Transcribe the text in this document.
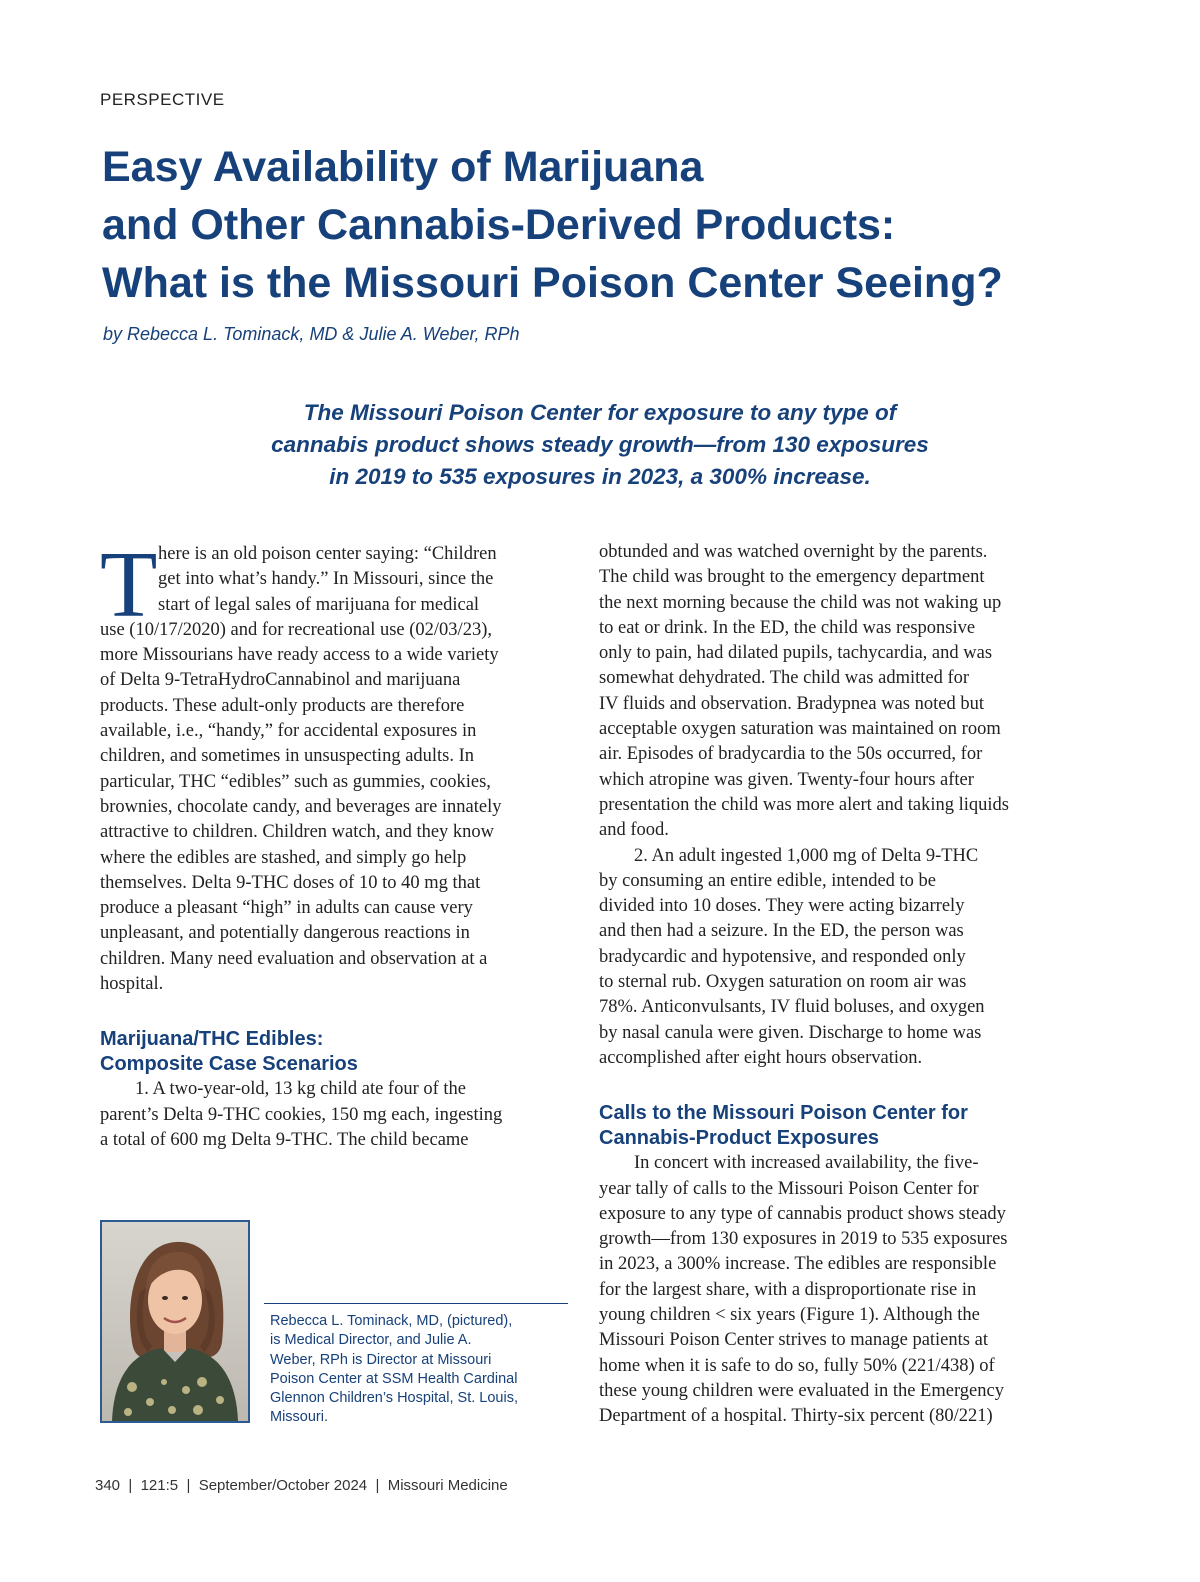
PERSPECTIVE
Easy Availability of Marijuana
and Other Cannabis-Derived Products:
What is the Missouri Poison Center Seeing?
by Rebecca L. Tominack, MD & Julie A. Weber, RPh
The Missouri Poison Center for exposure to any type of
cannabis product shows steady growth—from 130 exposures
in 2019 to 535 exposures in 2023, a 300% increase.
T here is an old poison center saying: “Children
get into what’s handy.” In Missouri, since the
start of legal sales of marijuana for medical
use (10/17/2020) and for recreational use (02/03/23),
more Missourians have ready access to a wide variety
of Delta 9-TetraHydroCannabinol and marijuana
products. These adult-only products are therefore
available, i.e., “handy,” for accidental exposures in
children, and sometimes in unsuspecting adults. In
particular, THC “edibles” such as gummies, cookies,
brownies, chocolate candy, and beverages are innately
attractive to children. Children watch, and they know
where the edibles are stashed, and simply go help
themselves. Delta 9-THC doses of 10 to 40 mg that
produce a pleasant “high” in adults can cause very
unpleasant, and potentially dangerous reactions in
children. Many need evaluation and observation at a
hospital.
Marijuana/THC Edibles:
Composite Case Scenarios
1. A two-year-old, 13 kg child ate four of the
parent’s Delta 9-THC cookies, 150 mg each, ingesting
a total of 600 mg Delta 9-THC. The child became
obtunded and was watched overnight by the parents.
The child was brought to the emergency department
the next morning because the child was not waking up
to eat or drink. In the ED, the child was responsive
only to pain, had dilated pupils, tachycardia, and was
somewhat dehydrated. The child was admitted for
IV fluids and observation. Bradypnea was noted but
acceptable oxygen saturation was maintained on room
air. Episodes of bradycardia to the 50s occurred, for
which atropine was given. Twenty-four hours after
presentation the child was more alert and taking liquids
and food.
2. An adult ingested 1,000 mg of Delta 9-THC
by consuming an entire edible, intended to be
divided into 10 doses. They were acting bizarrely
and then had a seizure. In the ED, the person was
bradycardic and hypotensive, and responded only
to sternal rub. Oxygen saturation on room air was
78%. Anticonvulsants, IV fluid boluses, and oxygen
by nasal canula were given. Discharge to home was
accomplished after eight hours observation.
Calls to the Missouri Poison Center for
Cannabis-Product Exposures
In concert with increased availability, the five-
year tally of calls to the Missouri Poison Center for
exposure to any type of cannabis product shows steady
growth—from 130 exposures in 2019 to 535 exposures
in 2023, a 300% increase. The edibles are responsible
for the largest share, with a disproportionate rise in
young children < six years (Figure 1). Although the
Missouri Poison Center strives to manage patients at
home when it is safe to do so, fully 50% (221/438) of
these young children were evaluated in the Emergency
Department of a hospital. Thirty-six percent (80/221)
Rebecca L. Tominack, MD, (pictured),
is Medical Director, and Julie A.
Weber, RPh is Director at Missouri
Poison Center at SSM Health Cardinal
Glennon Children’s Hospital, St. Louis,
Missouri.
340  |  121:5  |  September/October 2024  |  Missouri Medicine
